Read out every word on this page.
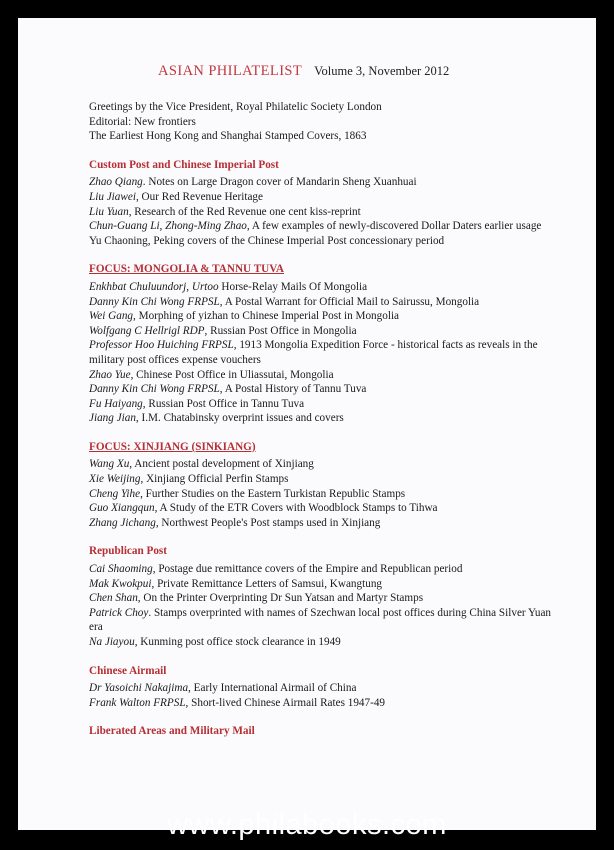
ASIAN PHILATELIST Volume 3, November 2012

Greetings by the Vice President, Royal Philatelic Society London

Editorial: New frontiers

The Earliest Hong Kong and Shanghai Stamped Covers, 1863

Custom Post and Chinese Imperial Post

Zhao Qiang. Notes on Large Dragon cover of Mandarin Sheng Xuanhuai

Liu Jiawei, Our Red Revenue Heritage

Liu Yuan, Research of the Red Revenue one cent kiss-reprint

Chun-Guang Li, Zhong-Ming Zhao, A few examples of newly-discovered Dollar Daters earlier usage

Yu Chaoning, Peking covers of the Chinese Imperial Post concessionary period

FOCUS: MONGOLIA & TANNU TUVA

Enkhbat Chuluundorj, Urtoo Horse-Relay Mails Of Mongolia

Danny Kin Chi Wong FRPSL, A Postal Warrant for Official Mail to Sairussu, Mongolia

Wei Gang, Morphing of yizhan to Chinese Imperial Post in Mongolia

Wolfgang C Hellrigl RDP, Russian Post Office in Mongolia

Professor Hoo Huiching FRPSL, 1913 Mongolia Expedition Force - historical facts as reveals in the military post offices expense vouchers

Zhao Yue, Chinese Post Office in Uliassutai, Mongolia

Danny Kin Chi Wong FRPSL, A Postal History of Tannu Tuva

Fu Haiyang, Russian Post Office in Tannu Tuva

Jiang Jian, I.M. Chatabinsky overprint issues and covers

FOCUS: XINJIANG (SINKIANG)

Wang Xu, Ancient postal development of Xinjiang

Xie Weijing, Xinjiang Official Perfin Stamps

Cheng Yihe, Further Studies on the Eastern Turkistan Republic Stamps

Guo Xiangqun, A Study of the ETR Covers with Woodblock Stamps to Tihwa

Zhang Jichang, Northwest People's Post stamps used in Xinjiang

Republican Post

Cai Shaoming, Postage due remittance covers of the Empire and Republican period

Mak Kwokpui, Private Remittance Letters of Samsui, Kwangtung

Chen Shan, On the Printer Overprinting Dr Sun Yatsan and Martyr Stamps

Patrick Choy. Stamps overprinted with names of Szechwan local post offices during China Silver Yuan era

Na Jiayou, Kunming post office stock clearance in 1949

Chinese Airmail

Dr Yasoichi Nakajima, Early International Airmail of China

Frank Walton FRPSL, Short-lived Chinese Airmail Rates 1947-49

Liberated Areas and Military Mail
www.philabooks.com
